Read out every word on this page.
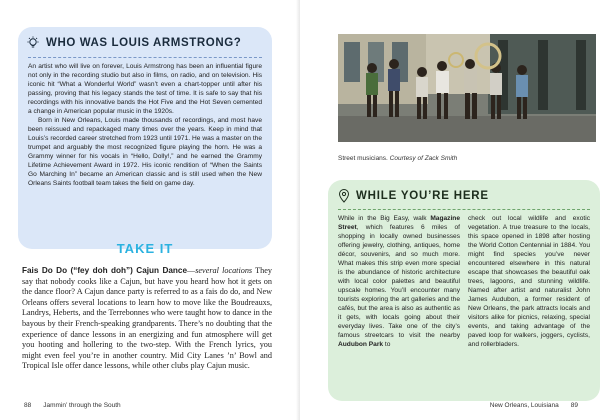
WHO WAS LOUIS ARMSTRONG?

An artist who will live on forever, Louis Armstrong has been an influential figure not only in the recording studio but also in films, on radio, and on television. His iconic hit “What a Wonderful World” wasn’t even a chart-topper until after his passing, proving that his legacy stands the test of time. It is safe to say that his recordings with his innovative bands the Hot Five and the Hot Seven cemented a change in American popular music in the 1920s.

Born in New Orleans, Louis made thousands of recordings, and most have been reissued and repackaged many times over the years. Keep in mind that Louis’s recorded career stretched from 1923 until 1971. He was a master on the trumpet and arguably the most recognized figure playing the horn. He was a Grammy winner for his vocals in “Hello, Dolly!,” and he earned the Grammy Lifetime Achievement Award in 1972. His iconic rendition of “When the Saints Go Marching In” became an American classic and is still used when the New Orleans Saints football team takes the field on game day.

TAKE IT
Fais Do Do (“fey doh doh”) Cajun Dance—several locations They say that nobody cooks like a Cajun, but have you heard how hot it gets on the dance floor? A Cajun dance party is referred to as a fais do do, and New Orleans offers several locations to learn how to move like the Boudreauxs, Landrys, Heberts, and the Terrebonnes who were taught how to dance in the bayous by their French-speaking grandparents. There’s no doubting that the experience of dance lessons in an energizing and fun atmosphere will get you hooting and hollering to the two-step. With the French lyrics, you might even feel you’re in another country. Mid City Lanes ’n’ Bowl and Tropical Isle offer dance lessons, while other clubs play Cajun music.
88 Jammin’ through the South
Street musicians. Courtesy of Zack Smith
WHILE YOU’RE HERE
While in the Big Easy, walk Magazine Street, which features 6 miles of shopping in locally owned businesses offering jewelry, clothing, antiques, home décor, souvenirs, and so much more. What makes this strip even more special is the abundance of historic architecture with local color palettes and beautiful upscale homes. You’ll encounter many tourists exploring the art galleries and the cafés, but the area is also as authentic as it gets, with locals going about their everyday lives. Take one of the city’s famous streetcars to visit the nearby Audubon Park to
check out local wildlife and exotic vegetation. A true treasure to the locals, this space opened in 1898 after hosting the World Cotton Centennial in 1884. You might find species you’ve never encountered elsewhere in this natural escape that showcases the beautiful oak trees, lagoons, and stunning wildlife. Named after artist and naturalist John James Audubon, a former resident of New Orleans, the park attracts locals and visitors alike for picnics, relaxing, special events, and taking advantage of the paved loop for walkers, joggers, cyclists, and rollerbladers.
New Orleans, Louisiana 89
